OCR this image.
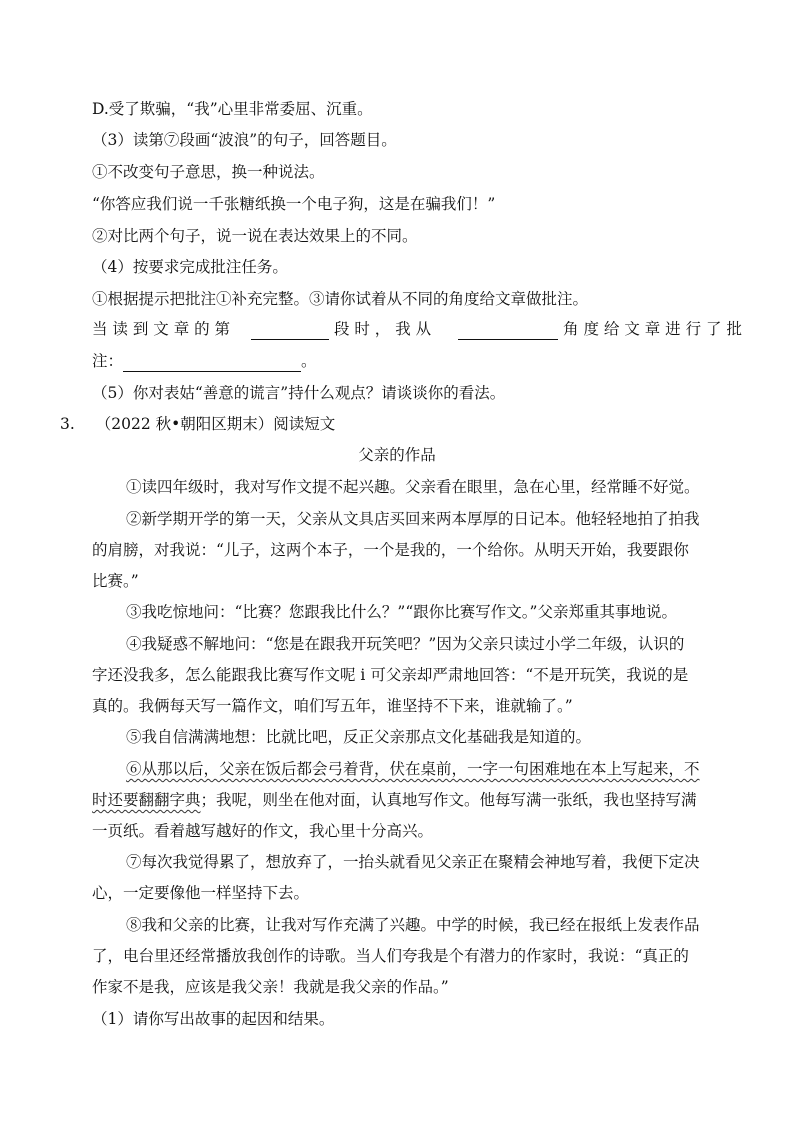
D.受了欺骗，“我”心里非常委屈、沉重。
（3）读第⑦段画“波浪”的句子，回答题目。
①不改变句子意思，换一种说法。
“你答应我们说一千张糖纸换一个电子狗，这是在骗我们！”
②对比两个句子，说一说在表达效果上的不同。
（4）按要求完成批注任务。
①根据提示把批注①补充完整。③请你试着从不同的角度给文章做批注。
当 读 到 文 章 的 第	段 时 ， 我 从	角 度 给 文 章 进 行 了 批
注：	。
（5）你对表姑“善意的谎言”持什么观点？请谈谈你的看法。
3. （2022 秋•朝阳区期末）阅读短文
父亲的作品
①读四年级时，我对写作文提不起兴趣。父亲看在眼里，急在心里，经常睡不好觉。
②新学期开学的第一天，父亲从文具店买回来两本厚厚的日记本。他轻轻地拍了拍我
的肩膀，对我说：“儿子，这两个本子，一个是我的，一个给你。从明天开始，我要跟你
比赛。”
③我吃惊地问：“比赛？您跟我比什么？”“跟你比赛写作文。”父亲郑重其事地说。
④我疑惑不解地问：“您是在跟我开玩笑吧？”因为父亲只读过小学二年级，认识的
字还没我多，怎么能跟我比赛写作文呢 i 可父亲却严肃地回答：“不是开玩笑，我说的是
真的。我俩每天写一篇作文，咱们写五年，谁坚持不下来，谁就输了。”
⑤我自信满满地想：比就比吧，反正父亲那点文化基础我是知道的。
⑥从那以后，父亲在饭后都会弓着背，伏在桌前，一字一句困难地在本上写起来，不
时还要翻翻字典；我呢，则坐在他对面，认真地写作文。他每写满一张纸，我也坚持写满
一页纸。看着越写越好的作文，我心里十分高兴。
⑦每次我觉得累了，想放弃了，一抬头就看见父亲正在聚精会神地写着，我便下定决
心，一定要像他一样坚持下去。
⑧我和父亲的比赛，让我对写作充满了兴趣。中学的时候，我已经在报纸上发表作品
了，电台里还经常播放我创作的诗歌。当人们夸我是个有潜力的作家时，我说：“真正的
作家不是我，应该是我父亲！我就是我父亲的作品。”
（1）请你写出故事的起因和结果。
